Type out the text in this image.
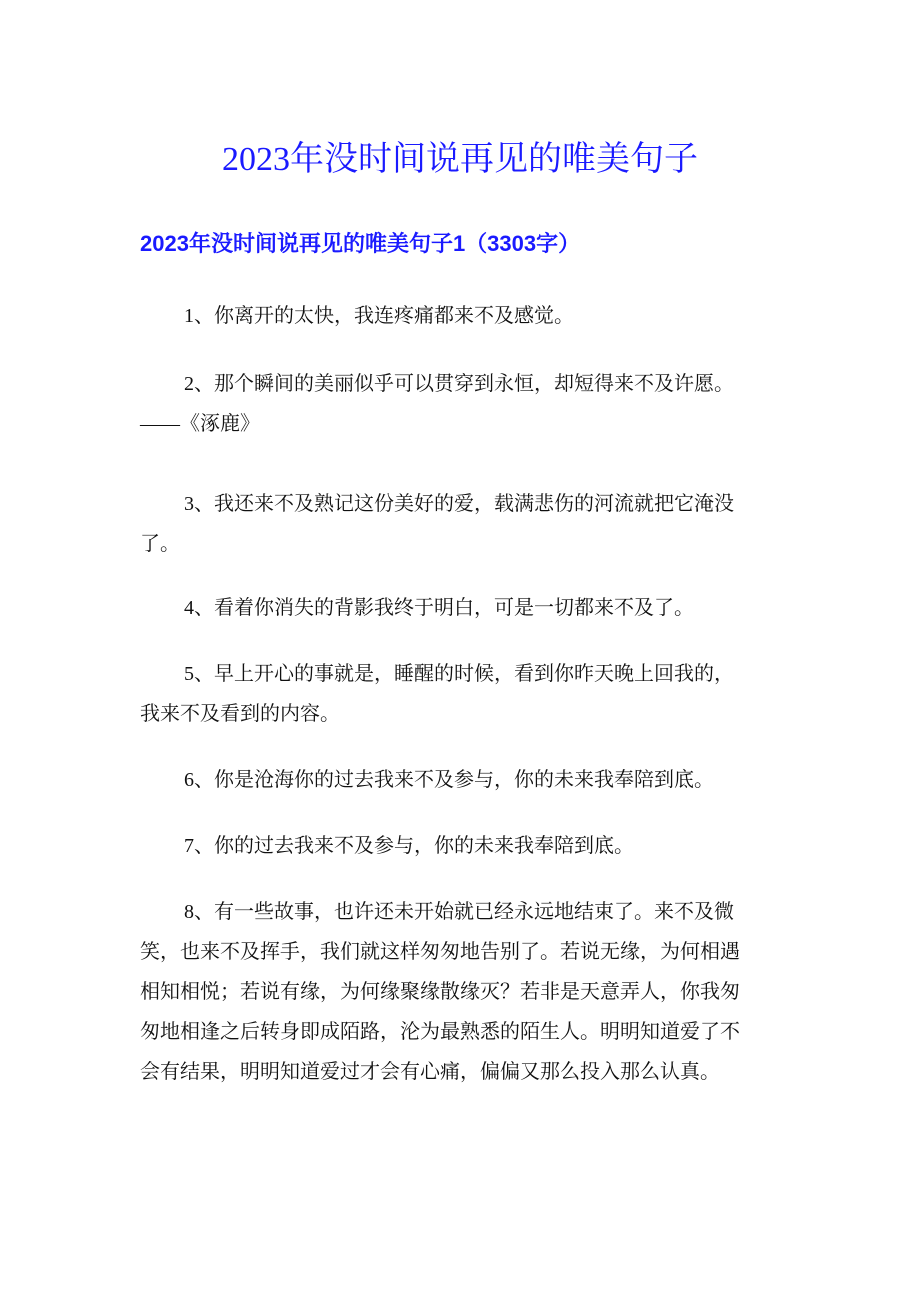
2023年没时间说再见的唯美句子
2023年没时间说再见的唯美句子1（3303字）
1、你离开的太快，我连疼痛都来不及感觉。
2、那个瞬间的美丽似乎可以贯穿到永恒，却短得来不及许愿。
——《涿鹿》
3、我还来不及熟记这份美好的爱，载满悲伤的河流就把它淹没
了。
4、看着你消失的背影我终于明白，可是一切都来不及了。
5、早上开心的事就是，睡醒的时候，看到你昨天晚上回我的，
我来不及看到的内容。
6、你是沧海你的过去我来不及参与，你的未来我奉陪到底。
7、你的过去我来不及参与，你的未来我奉陪到底。
8、有一些故事，也许还未开始就已经永远地结束了。来不及微
笑，也来不及挥手，我们就这样匆匆地告别了。若说无缘，为何相遇
相知相悦；若说有缘，为何缘聚缘散缘灭？若非是天意弄人，你我匆
匆地相逢之后转身即成陌路，沦为最熟悉的陌生人。明明知道爱了不
会有结果，明明知道爱过才会有心痛，偏偏又那么投入那么认真。
